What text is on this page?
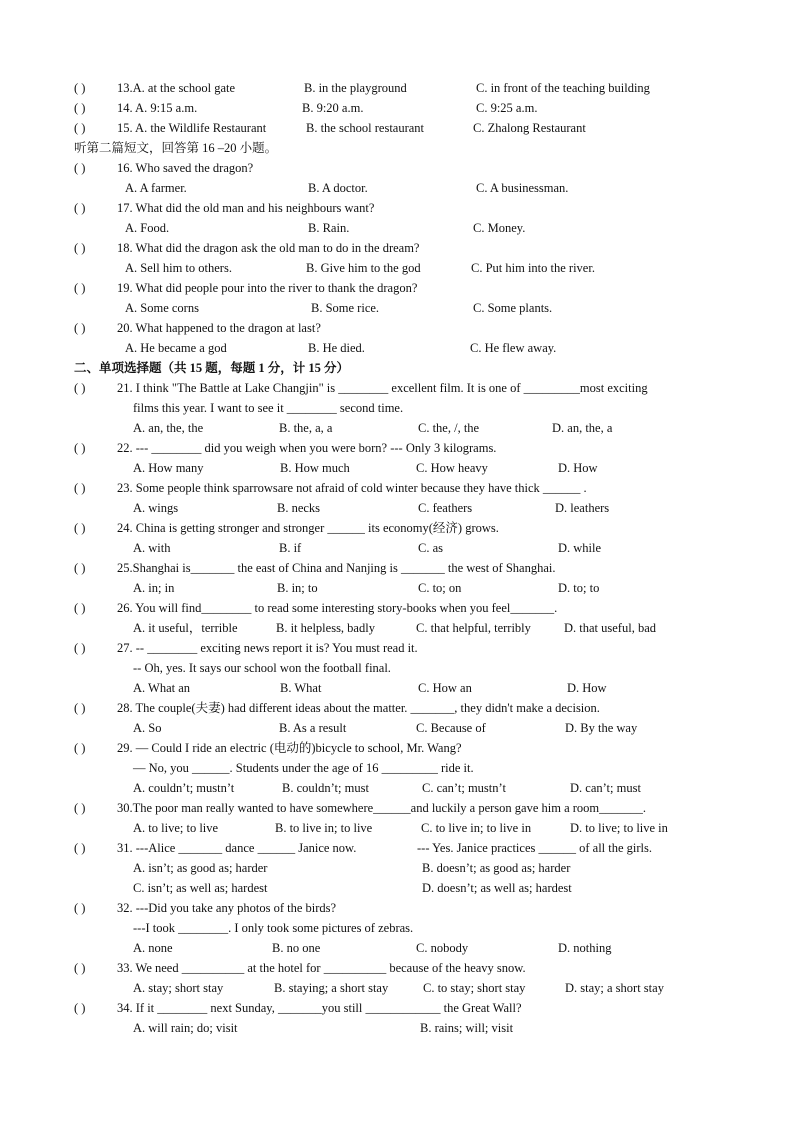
( )	13.A. at the school gate	B. in the playground	C. in front of the teaching building
( )	14. A. 9:15 a.m.	B. 9:20 a.m.	C. 9:25 a.m.
( )	15. A. the Wildlife Restaurant	B. the school restaurant	C. Zhalong Restaurant
听第二篇短文，回答第 16 –20 小题。
( )	16. Who saved the dragon?
A. A farmer.	B. A doctor.	C. A businessman.
( )	17. What did the old man and his neighbours want?
A. Food.	B. Rain.	C. Money.
( )	18. What did the dragon ask the old man to do in the dream?
A. Sell him to others.	B. Give him to the god	C. Put him into the river.
( )	19. What did people pour into the river to thank the dragon?
A. Some corns	B. Some rice.	C. Some plants.
( )	20. What happened to the dragon at last?
A. He became a god	B. He died.	C. He flew away.
二、单项选择题（共 15 题，每题 1 分，计 15 分）
( )	21. I think "The Battle at Lake Changjin" is ________ excellent film. It is one of _________most exciting
films this year. I want to see it ________ second time.
A. an, the, the	B. the, a, a	C. the, /, the	D. an, the, a
( )	22. --- ________ did you weigh when you were born? --- Only 3 kilograms.
A. How many	B. How much	C. How heavy	D. How
( )	23. Some people think sparrowsare not afraid of cold winter because they have thick ______ .
A. wings	B. necks	C. feathers	D. leathers
( )	24. China is getting stronger and stronger ______ its economy(经济) grows.
A. with	B. if	C. as	D. while
( )	25.Shanghai is_______ the east of China and Nanjing is _______ the west of Shanghai.
A. in; in	B. in; to	C. to; on	D. to; to
( )	26. You will find________ to read some interesting story-books when you feel_______.
A. it useful，terrible	B. it helpless, badly	C. that helpful, terribly	D. that useful, bad
( )	27. -- ________ exciting news report it is? You must read it.
-- Oh, yes. It says our school won the football final.
A. What an	B. What	C. How an	D. How
( )	28. The couple(夫妻) had different ideas about the matter. _______, they didn't make a decision.
A. So	B. As a result	C. Because of	D. By the way
( )	29. — Could I ride an electric (电动的)bicycle to school, Mr. Wang?
— No, you ______. Students under the age of 16 _________ ride it.
A. couldn’t; mustn’t	B. couldn’t; must	C. can’t; mustn’t	D. can’t; must
( )	30.The poor man really wanted to have somewhere______and luckily a person gave him a room_______.
A. to live; to live	B. to live in; to live	C. to live in; to live in	D. to live; to live in
( )	31. ---Alice _______ dance ______ Janice now.	--- Yes. Janice practices ______ of all the girls.
A. isn’t; as good as; harder	B. doesn’t; as good as; harder
C. isn’t; as well as; hardest	D. doesn’t; as well as; hardest
( )	32. ---Did you take any photos of the birds?
---I took ________. I only took some pictures of zebras.
A. none	B. no one	C. nobody	D. nothing
( )	33. We need __________ at the hotel for __________ because of the heavy snow.
A. stay; short stay	B. staying; a short stay	C. to stay; short stay	D. stay; a short stay
( )	34. If it ________ next Sunday, _______you still ____________ the Great Wall?
A. will rain; do; visit	B. rains; will; visit
